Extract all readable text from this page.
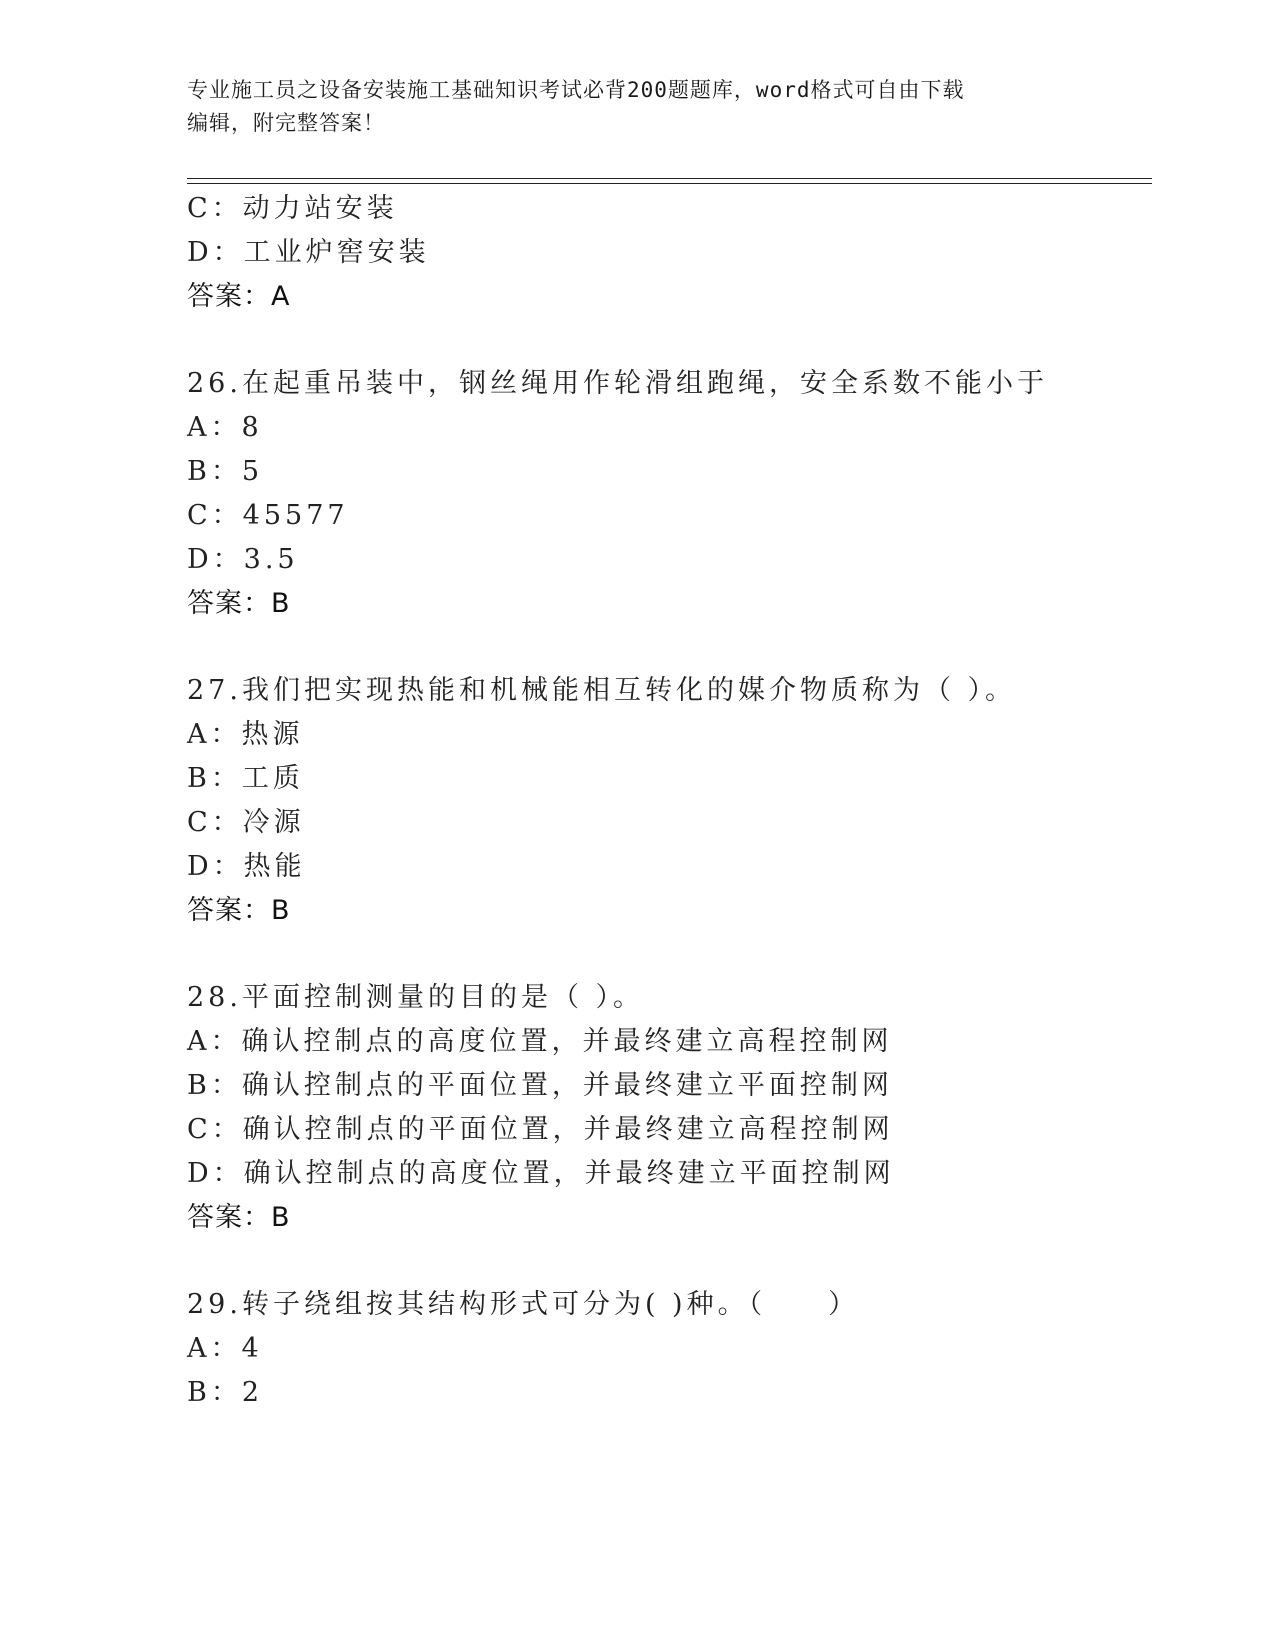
专业施工员之设备安装施工基础知识考试必背200题题库，word格式可自由下载
编辑，附完整答案！
C：动力站安装
D：工业炉窖安装
答案：A
26.在起重吊装中，钢丝绳用作轮滑组跑绳，安全系数不能小于
A：8
B：5
C：45577
D：3.5
答案：B
27.我们把实现热能和机械能相互转化的媒介物质称为（ ）。
A：热源
B：工质
C：冷源
D：热能
答案：B
28.平面控制测量的目的是（ ）。
A：确认控制点的高度位置，并最终建立高程控制网
B：确认控制点的平面位置，并最终建立平面控制网
C：确认控制点的平面位置，并最终建立高程控制网
D：确认控制点的高度位置，并最终建立平面控制网
答案：B
29.转子绕组按其结构形式可分为( )种。（　　）
A：4
B：2
